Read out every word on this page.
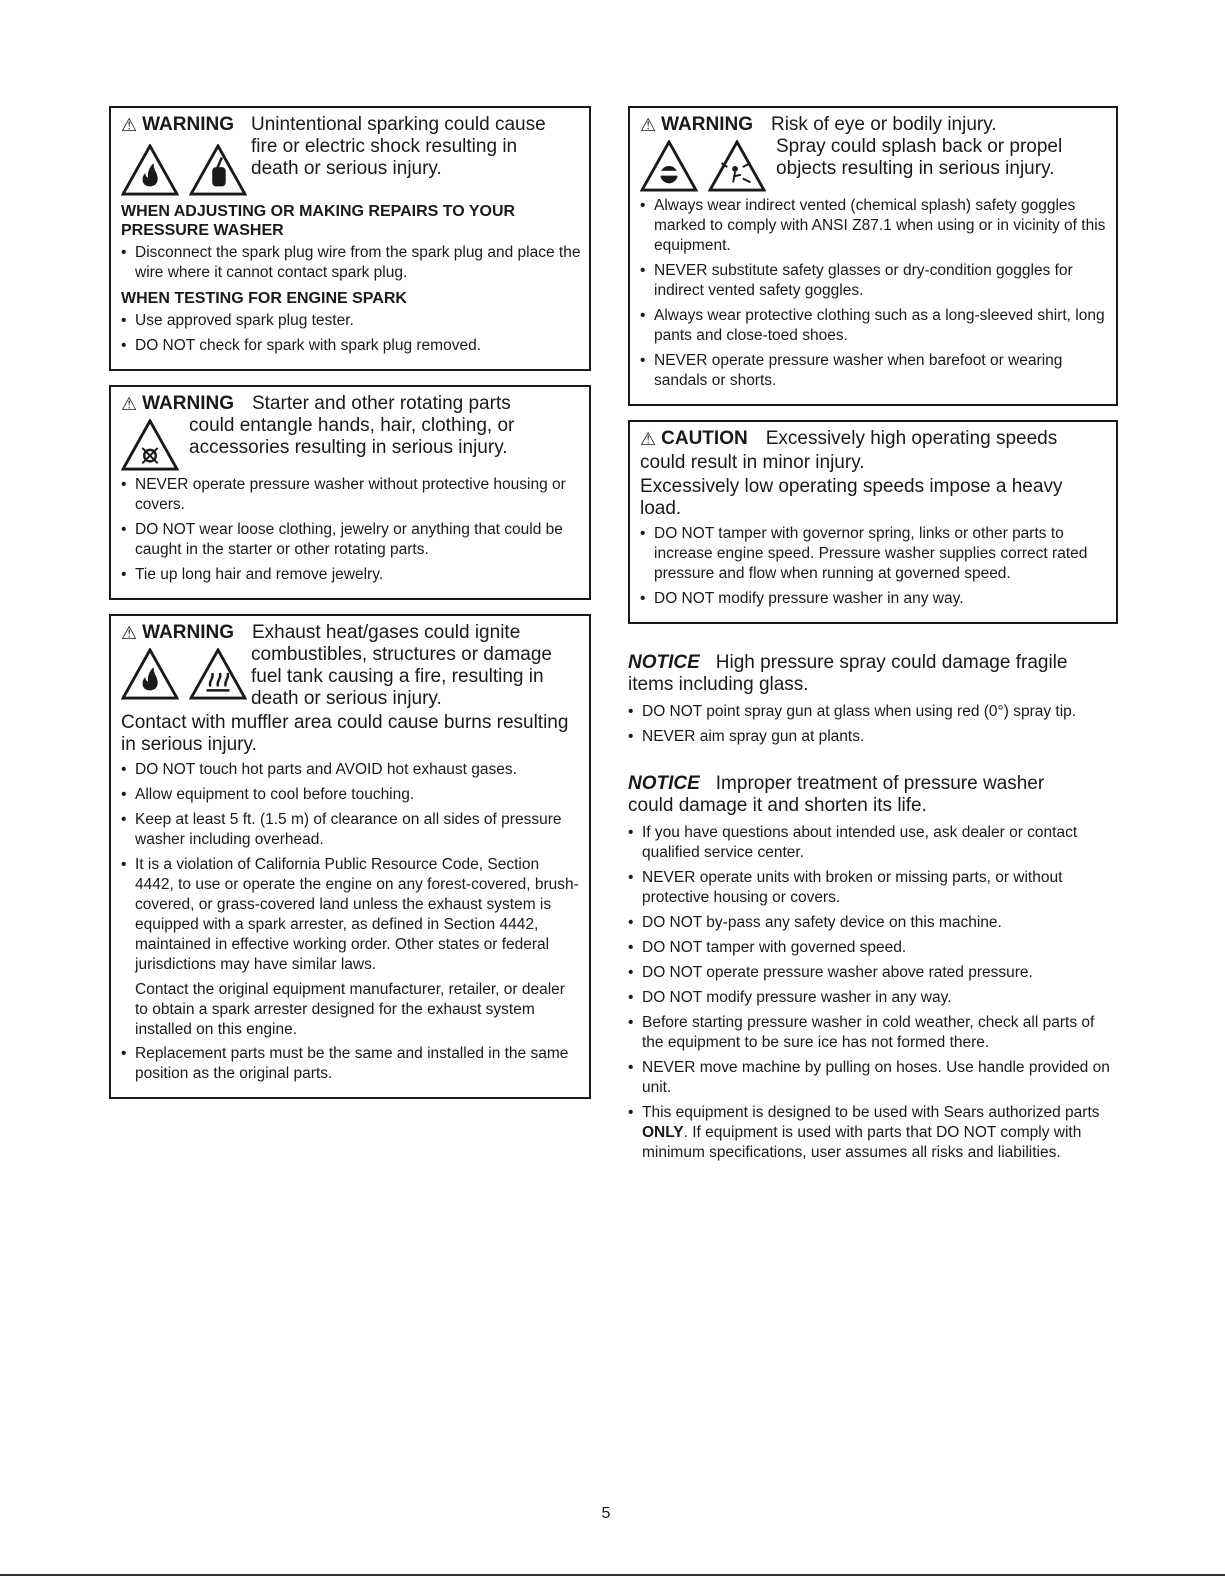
⚠ WARNING Unintentional sparking could cause
fire or electric shock resulting in
death or serious injury.
WHEN ADJUSTING OR MAKING REPAIRS TO YOUR PRESSURE WASHER
• Disconnect the spark plug wire from the spark plug and place the wire where it cannot contact spark plug.
WHEN TESTING FOR ENGINE SPARK
• Use approved spark plug tester.
• DO NOT check for spark with spark plug removed.
⚠ WARNING Starter and other rotating parts
could entangle hands, hair, clothing, or
accessories resulting in serious injury.
• NEVER operate pressure washer without protective housing or covers.
• DO NOT wear loose clothing, jewelry or anything that could be caught in the starter or other rotating parts.
• Tie up long hair and remove jewelry.
⚠ WARNING Exhaust heat/gases could ignite
combustibles, structures or damage
fuel tank causing a fire, resulting in
death or serious injury.
Contact with muffler area could cause burns resulting in serious injury.
• DO NOT touch hot parts and AVOID hot exhaust gases.
• Allow equipment to cool before touching.
• Keep at least 5 ft. (1.5 m) of clearance on all sides of pressure washer including overhead.
• It is a violation of California Public Resource Code, Section 4442, to use or operate the engine on any forest-covered, brush-covered, or grass-covered land unless the exhaust system is equipped with a spark arrester, as defined in Section 4442, maintained in effective working order. Other states or federal jurisdictions may have similar laws.
Contact the original equipment manufacturer, retailer, or dealer to obtain a spark arrester designed for the exhaust system installed on this engine.
• Replacement parts must be the same and installed in the same position as the original parts.
⚠ WARNING Risk of eye or bodily injury.
Spray could splash back or propel
objects resulting in serious injury.
• Always wear indirect vented (chemical splash) safety goggles marked to comply with ANSI Z87.1 when using or in vicinity of this equipment.
• NEVER substitute safety glasses or dry-condition goggles for indirect vented safety goggles.
• Always wear protective clothing such as a long-sleeved shirt, long pants and close-toed shoes.
• NEVER operate pressure washer when barefoot or wearing sandals or shorts.
⚠ CAUTION Excessively high operating speeds
could result in minor injury.
Excessively low operating speeds impose a heavy load.
• DO NOT tamper with governor spring, links or other parts to increase engine speed. Pressure washer supplies correct rated pressure and flow when running at governed speed.
• DO NOT modify pressure washer in any way.
NOTICE High pressure spray could damage fragile
items including glass.
• DO NOT point spray gun at glass when using red (0°) spray tip.
• NEVER aim spray gun at plants.
NOTICE Improper treatment of pressure washer
could damage it and shorten its life.
• If you have questions about intended use, ask dealer or contact qualified service center.
• NEVER operate units with broken or missing parts, or without protective housing or covers.
• DO NOT by-pass any safety device on this machine.
• DO NOT tamper with governed speed.
• DO NOT operate pressure washer above rated pressure.
• DO NOT modify pressure washer in any way.
• Before starting pressure washer in cold weather, check all parts of the equipment to be sure ice has not formed there.
• NEVER move machine by pulling on hoses. Use handle provided on unit.
• This equipment is designed to be used with Sears authorized parts ONLY. If equipment is used with parts that DO NOT comply with minimum specifications, user assumes all risks and liabilities.
5
